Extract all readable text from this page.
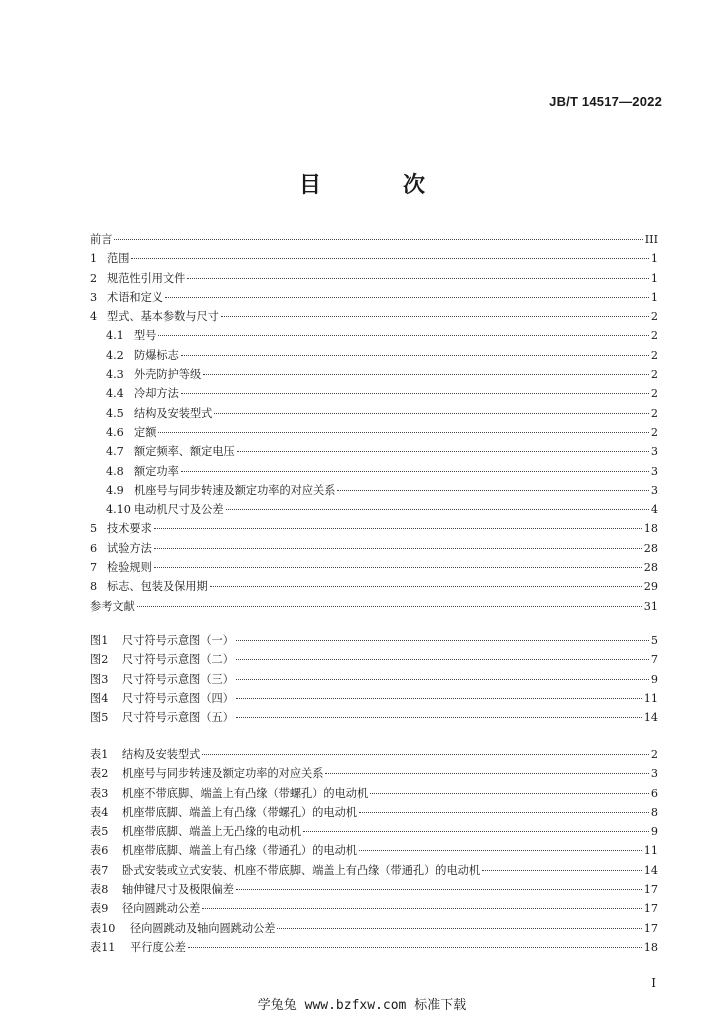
JB/T 14517—2022
目　次
前言	III
1 范围	1
2 规范性引用文件	1
3 术语和定义	1
4 型式、基本参数与尺寸	2
4.1 型号	2
4.2 防爆标志	2
4.3 外壳防护等级	2
4.4 冷却方法	2
4.5 结构及安装型式	2
4.6 定额	2
4.7 额定频率、额定电压	3
4.8 额定功率	3
4.9 机座号与同步转速及额定功率的对应关系	3
4.10 电动机尺寸及公差	4
5 技术要求	18
6 试验方法	28
7 检验规则	28
8 标志、包装及保用期	29
参考文献	31
图1	尺寸符号示意图（一）	5
图2	尺寸符号示意图（二）	7
图3	尺寸符号示意图（三）	9
图4	尺寸符号示意图（四）	11
图5	尺寸符号示意图（五）	14
表1	结构及安装型式	2
表2	机座号与同步转速及额定功率的对应关系	3
表3	机座不带底脚、端盖上有凸缘（带螺孔）的电动机	6
表4	机座带底脚、端盖上有凸缘（带螺孔）的电动机	8
表5	机座带底脚、端盖上无凸缘的电动机	9
表6	机座带底脚、端盖上有凸缘（带通孔）的电动机	11
表7	卧式安装或立式安装、机座不带底脚、端盖上有凸缘（带通孔）的电动机	14
表8	轴伸键尺寸及极限偏差	17
表9	径向圆跳动公差	17
表10	径向圆跳动及轴向圆跳动公差	17
表11	平行度公差	18
I
学兔兔 www.bzfxw.com 标准下载
